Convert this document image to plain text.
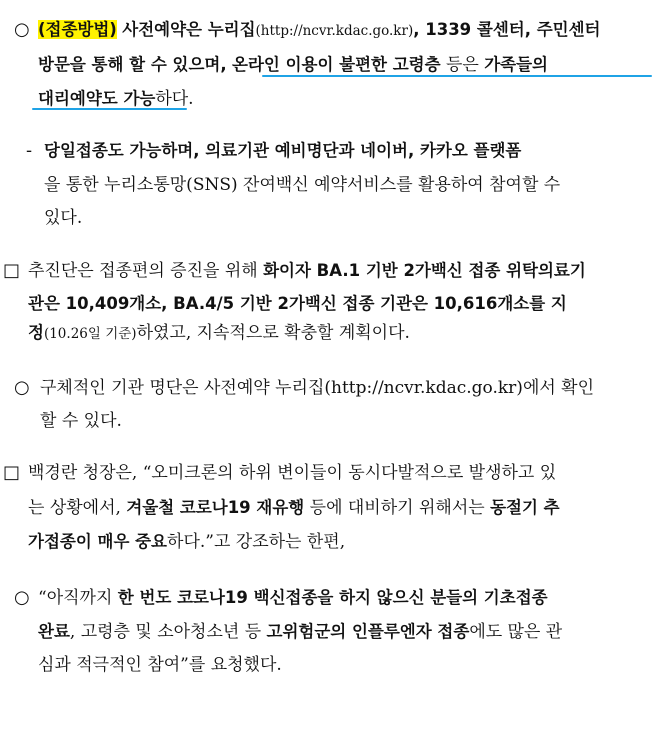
○ (접종방법) 사전예약은 누리집(http://ncvr.kdac.go.kr), 1339 콜센터, 주민센터
방문을 통해 할 수 있으며, 온라인 이용이 불편한 고령층 등은 가족들의
대리예약도 가능하다.
- 당일접종도 가능하며, 의료기관 예비명단과 네이버, 카카오 플랫폼
을 통한 누리소통망(SNS) 잔여백신 예약서비스를 활용하여 참여할 수
있다.
□ 추진단은 접종편의 증진을 위해 화이자 BA.1 기반 2가백신 접종 위탁의료기
관은 10,409개소, BA.4/5 기반 2가백신 접종 기관은 10,616개소를 지
정(10.26일 기준)하였고, 지속적으로 확충할 계획이다.
○ 구체적인 기관 명단은 사전예약 누리집(http://ncvr.kdac.go.kr)에서 확인
할 수 있다.
□ 백경란 청장은, “오미크론의 하위 변이들이 동시다발적으로 발생하고 있
는 상황에서, 겨울철 코로나19 재유행 등에 대비하기 위해서는 동절기 추
가접종이 매우 중요하다.”고 강조하는 한편,
○ “아직까지 한 번도 코로나19 백신접종을 하지 않으신 분들의 기초접종
완료, 고령층 및 소아청소년 등 고위험군의 인플루엔자 접종에도 많은 관
심과 적극적인 참여”를 요청했다.
